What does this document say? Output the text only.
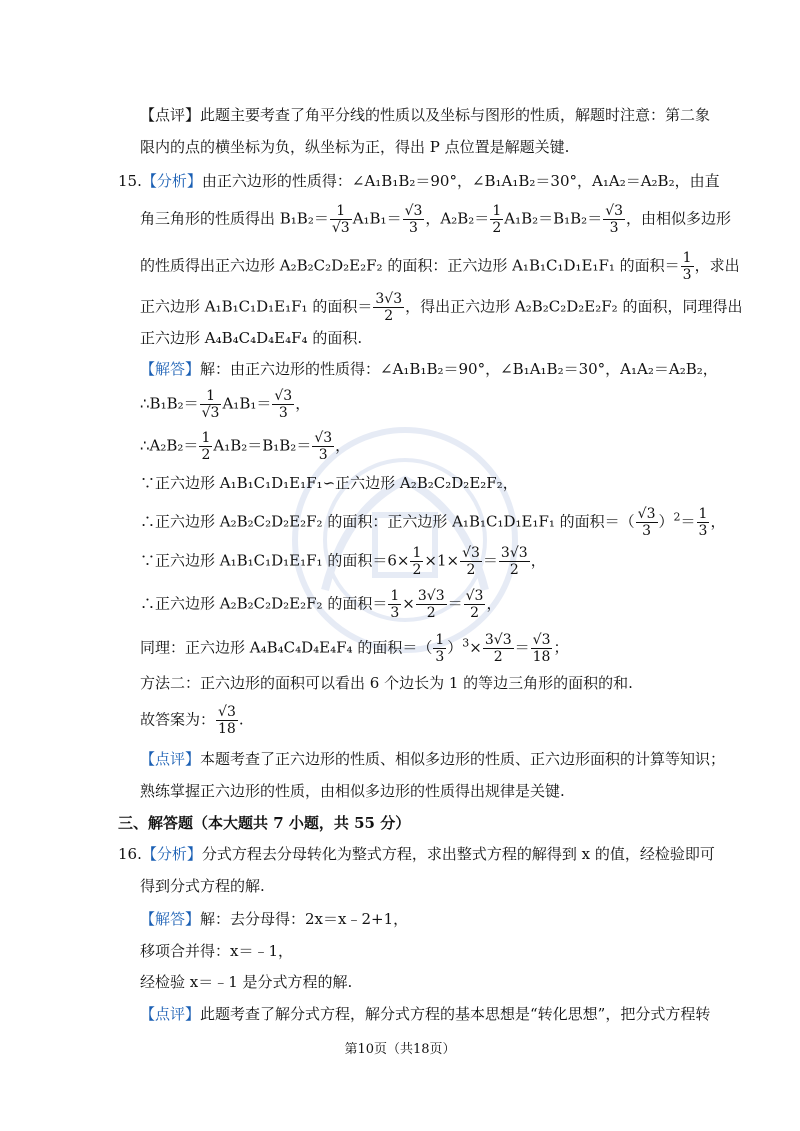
【点评】此题主要考查了角平分线的性质以及坐标与图形的性质，解题时注意：第二象
限内的点的横坐标为负，纵坐标为正，得出 P 点位置是解题关键.
15.【分析】由正六边形的性质得：∠A₁B₁B₂＝90°，∠B₁A₁B₂＝30°，A₁A₂＝A₂B₂，由直
角三角形的性质得出 $B_1B_2= \frac{1}{√3} A_1B_1= \frac{√3}{3}$ ，$A_2B_2= \frac{1}{2} A_1B_2=B_1B_2= \frac{√3}{3}$ ，由相似多边形
的性质得出正六边形 A₂B₂C₂D₂E₂F₂ 的面积：正六边形 A₁B₁C₁D₁E₁F₁ 的面积＝ $\frac{1}{3}$ ，求出
正六边形 A₁B₁C₁D₁E₁F₁ 的面积＝ $\frac{3√3}{2}$ ，得出正六边形 A₂B₂C₂D₂E₂F₂ 的面积，同理得出
正六边形 A₄B₄C₄D₄E₄F₄ 的面积.
【解答】解：由正六边形的性质得：∠A₁B₁B₂＝90°，∠B₁A₁B₂＝30°，A₁A₂＝A₂B₂，
∴B₁B₂＝ $\frac{1}{√3} A_1B_1= \frac{√3}{3}$ ，
∴A₂B₂＝ $\frac{1}{2} A_1B_2=B_1B_2= \frac{√3}{3}$ ，
∵正六边形 A₁B₁C₁D₁E₁F₁∽正六边形 A₂B₂C₂D₂E₂F₂，
∴正六边形 A₂B₂C₂D₂E₂F₂ 的面积：正六边形 A₁B₁C₁D₁E₁F₁ 的面积＝（ $\frac{√3}{3} )^2= \frac{1}{3}$ ，
∵正六边形 A₁B₁C₁D₁E₁F₁ 的面积$=6\times \frac{1}{2} \times 1\times \frac{√3}{2} = \frac{3√3}{2}$ ，
∴正六边形 A₂B₂C₂D₂E₂F₂ 的面积＝ $\frac{1}{3} \times \frac{3√3}{2} = \frac{√3}{2}$ ，
同理：正六边形 A₄B₄C₄D₄E₄F₄ 的面积＝（ $\frac{1}{3} )^3\times \frac{3√3}{2} = \frac{√3}{18}$ ；
方法二：正六边形的面积可以看出 6 个边长为 1 的等边三角形的面积的和.
故答案为： $\frac{√3}{18}$ .
【点评】本题考查了正六边形的性质、相似多边形的性质、正六边形面积的计算等知识；
熟练掌握正六边形的性质，由相似多边形的性质得出规律是关键.
三、解答题（本大题共 7 小题，共 55 分）
16.【分析】分式方程去分母转化为整式方程，求出整式方程的解得到 x 的值，经检验即可
得到分式方程的解.
【解答】解：去分母得：2x＝x﹣2+1，
移项合并得：x＝﹣1，
经检验 x＝﹣1 是分式方程的解.
【点评】此题考查了解分式方程，解分式方程的基本思想是“转化思想”，把分式方程转
第10页（共18页）
